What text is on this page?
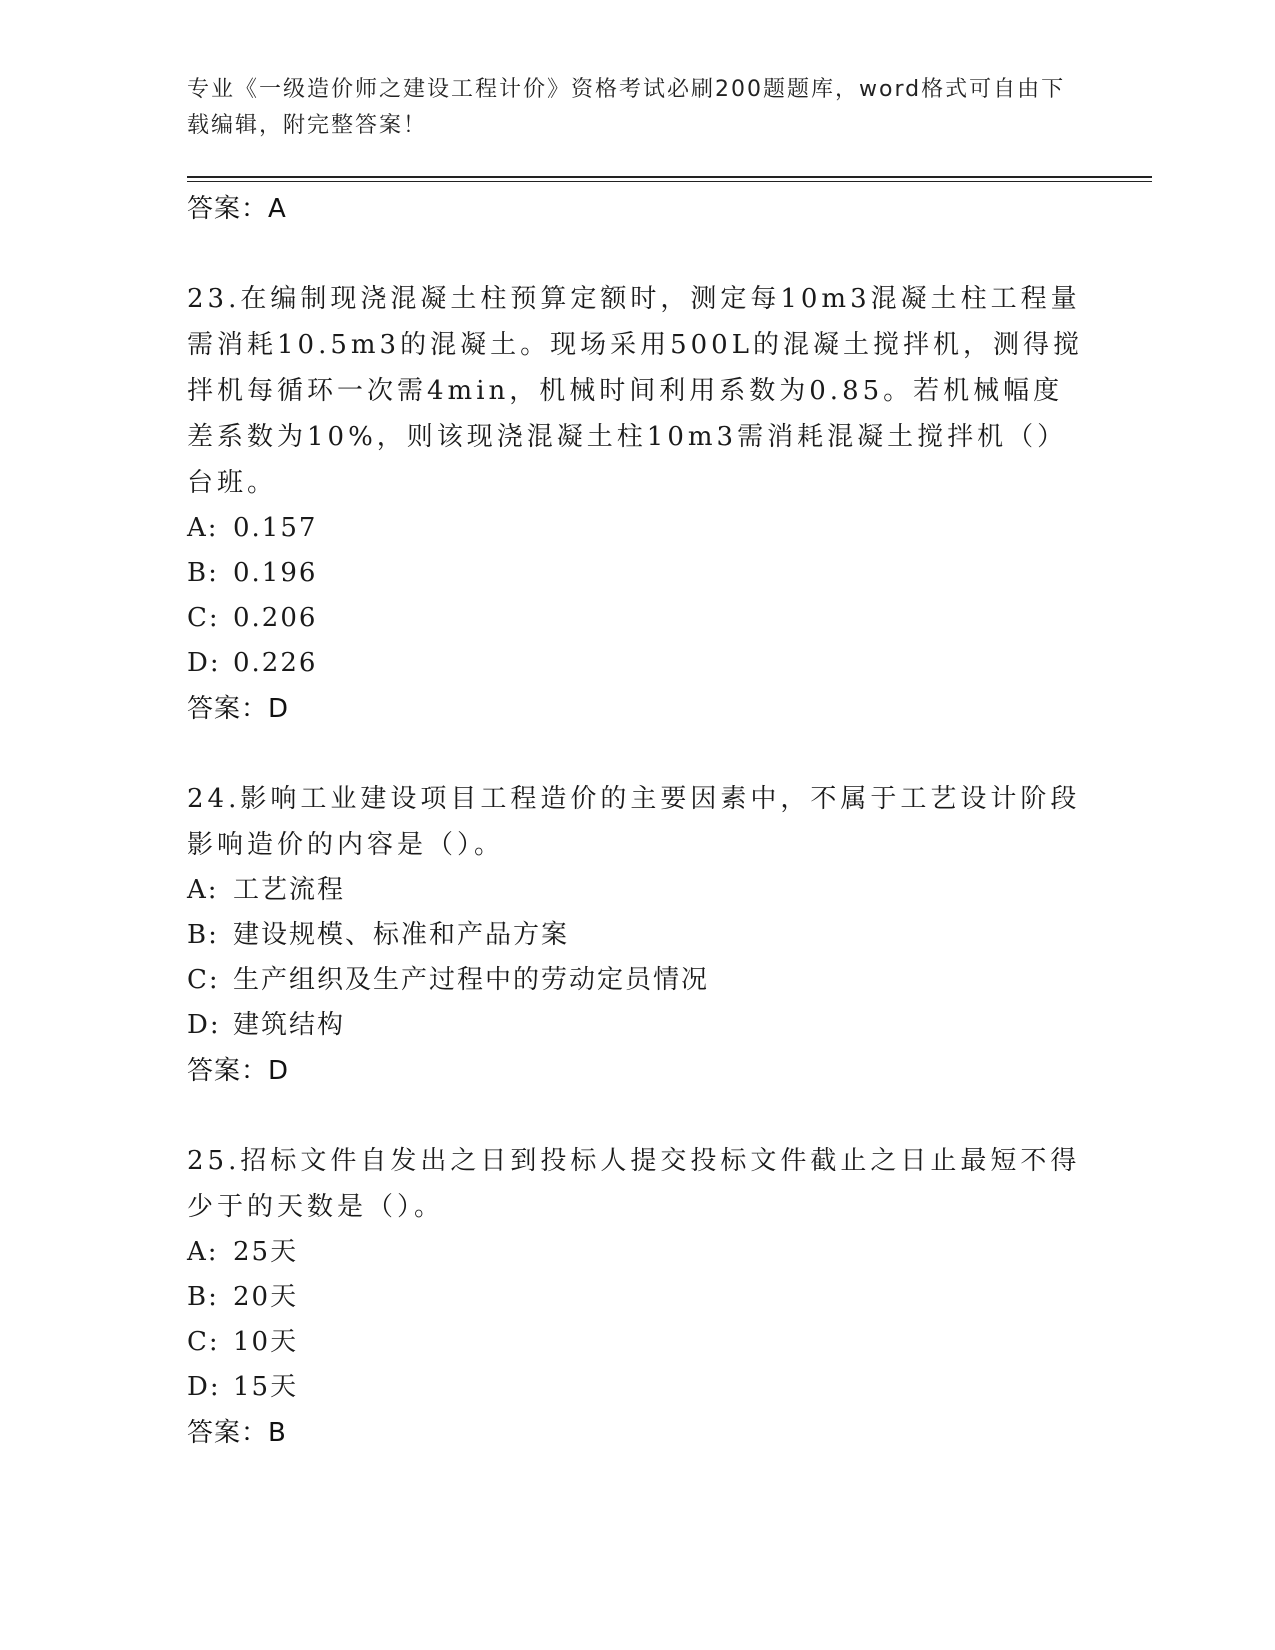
专业《一级造价师之建设工程计价》资格考试必刷200题题库，word格式可自由下载编辑，附完整答案！
答案：A
23.在编制现浇混凝土柱预算定额时，测定每10m3混凝土柱工程量需消耗10.5m3的混凝土。现场采用500L的混凝土搅拌机，测得搅拌机每循环一次需4min，机械时间利用系数为0.85。若机械幅度差系数为10%，则该现浇混凝土柱10m3需消耗混凝土搅拌机（）台班。
A: 0.157
B: 0.196
C: 0.206
D: 0.226
答案：D
24.影响工业建设项目工程造价的主要因素中，不属于工艺设计阶段影响造价的内容是（）。
A: 工艺流程
B: 建设规模、标准和产品方案
C: 生产组织及生产过程中的劳动定员情况
D: 建筑结构
答案：D
25.招标文件自发出之日到投标人提交投标文件截止之日止最短不得少于的天数是（）。
A: 25天
B: 20天
C: 10天
D: 15天
答案：B
